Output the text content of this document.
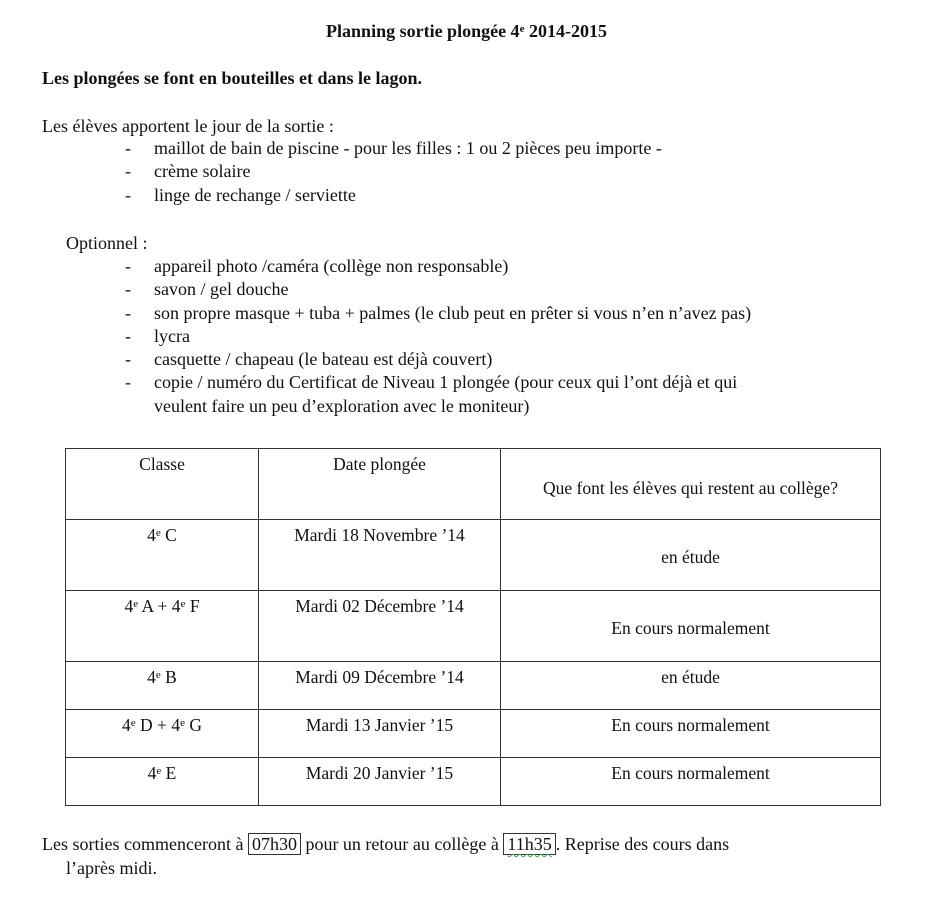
Planning sortie plongée 4e 2014-2015
Les plongées se font en bouteilles et dans le lagon.
Les élèves apportent le jour de la sortie :
- maillot de bain de piscine - pour les filles : 1 ou 2 pièces peu importe -
- crème solaire
- linge de rechange / serviette
Optionnel :
- appareil photo /caméra (collège non responsable)
- savon / gel douche
- son propre masque + tuba + palmes (le club peut en prêter si vous n’en n’avez pas)
- lycra
- casquette / chapeau (le bateau est déjà couvert)
- copie / numéro du Certificat de Niveau 1 plongée (pour ceux qui l’ont déjà et qui
veulent faire un peu d’exploration avec le moniteur)
Classe	Date plongée	Que font les élèves qui restent au collège?

4e C	Mardi 18 Novembre ’14	en étude

4e $A + 4^e$ F	Mardi 02 Décembre ’14	En cours normalement

4e B	Mardi 09 Décembre ’14	en étude

4e $D + 4^e$ G	Mardi 13 Janvier ’15	En cours normalement

4e E	Mardi 20 Janvier ’15	En cours normalement
Les sorties commenceront à 07h30 pour un retour au collège à 11h35 . Reprise des cours dans
l’après midi.
